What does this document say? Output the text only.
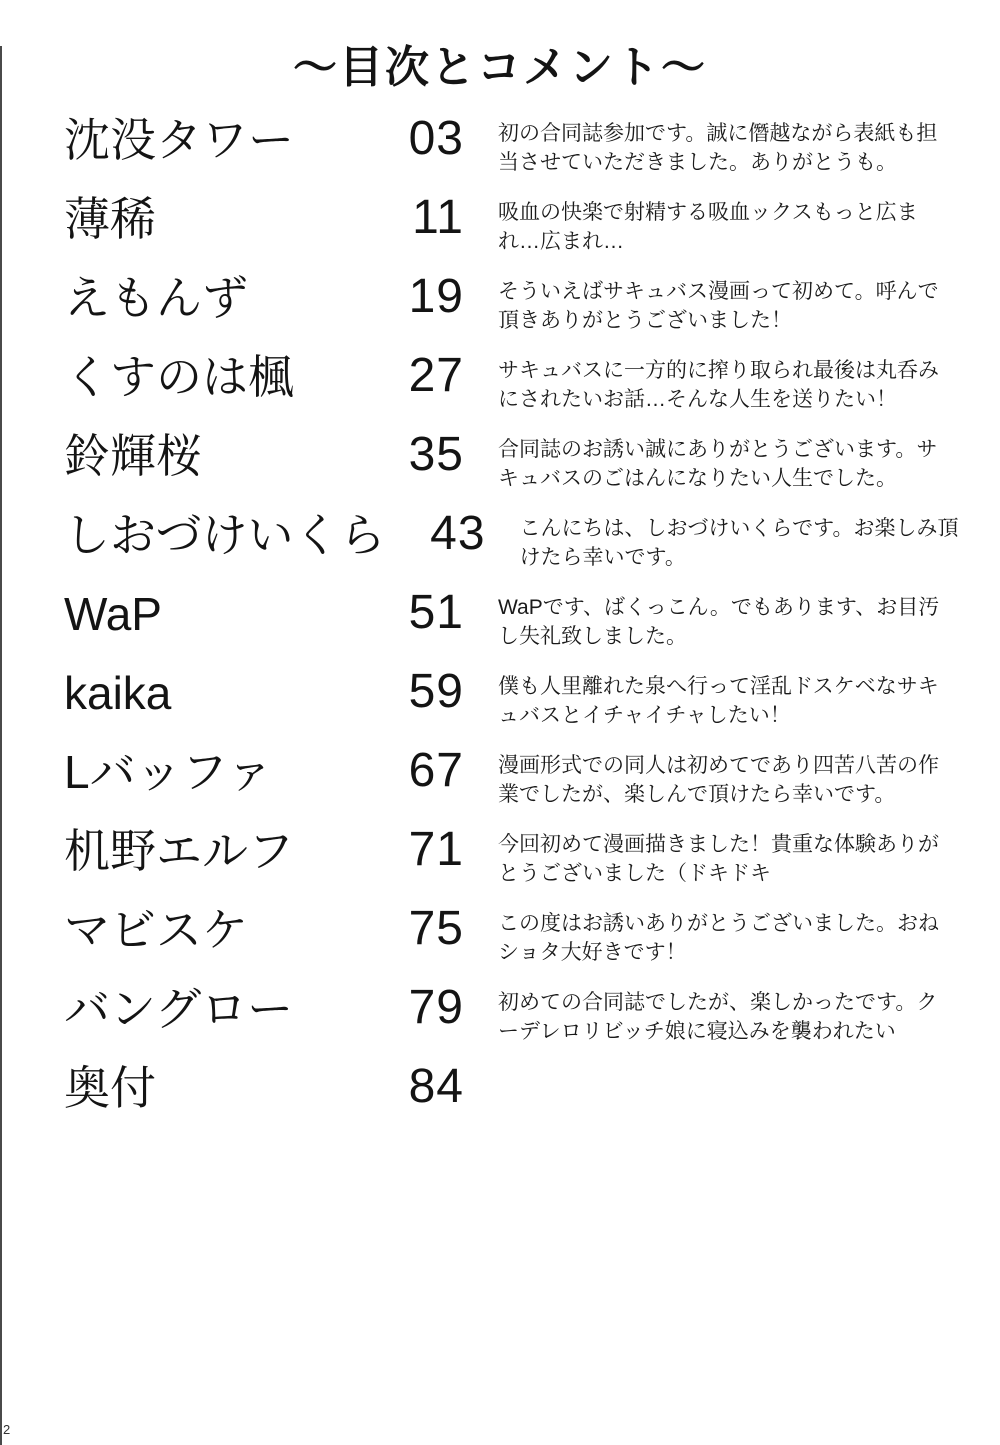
～目次とコメント～
沈没タワー	03 初の合同誌参加です。誠に僭越ながら表紙も担当させていただきました。ありがとうも。
薄稀	11 吸血の快楽で射精する吸血ックスもっと広まれ…広まれ…
えもんず	19 そういえばサキュバス漫画って初めて。呼んで頂きありがとうございました！
くすのは楓	27 サキュバスに一方的に搾り取られ最後は丸呑みにされたいお話…そんな人生を送りたい！
鈴輝桜	35 合同誌のお誘い誠にありがとうございます。サキュバスのごはんになりたい人生でした。
しおづけいくら 43 こんにちは、しおづけいくらです。お楽しみ頂けたら幸いです。
WaP	51 WaPです、ばくっこん。でもあります、お目汚し失礼致しました。
kaika	59 僕も人里離れた泉へ行って淫乱ドスケベなサキュバスとイチャイチャしたい！
Lバッファ	67 漫画形式での同人は初めてであり四苦八苦の作業でしたが、楽しんで頂けたら幸いです。
机野エルフ	71 今回初めて漫画描きました！貴重な体験ありがとうございました（ドキドキ
マビスケ	75 この度はお誘いありがとうございました。おねショタ大好きです！
バングロー	79 初めての合同誌でしたが、楽しかったです。クーデレロリビッチ娘に寝込みを襲われたい
奥付	84
2
